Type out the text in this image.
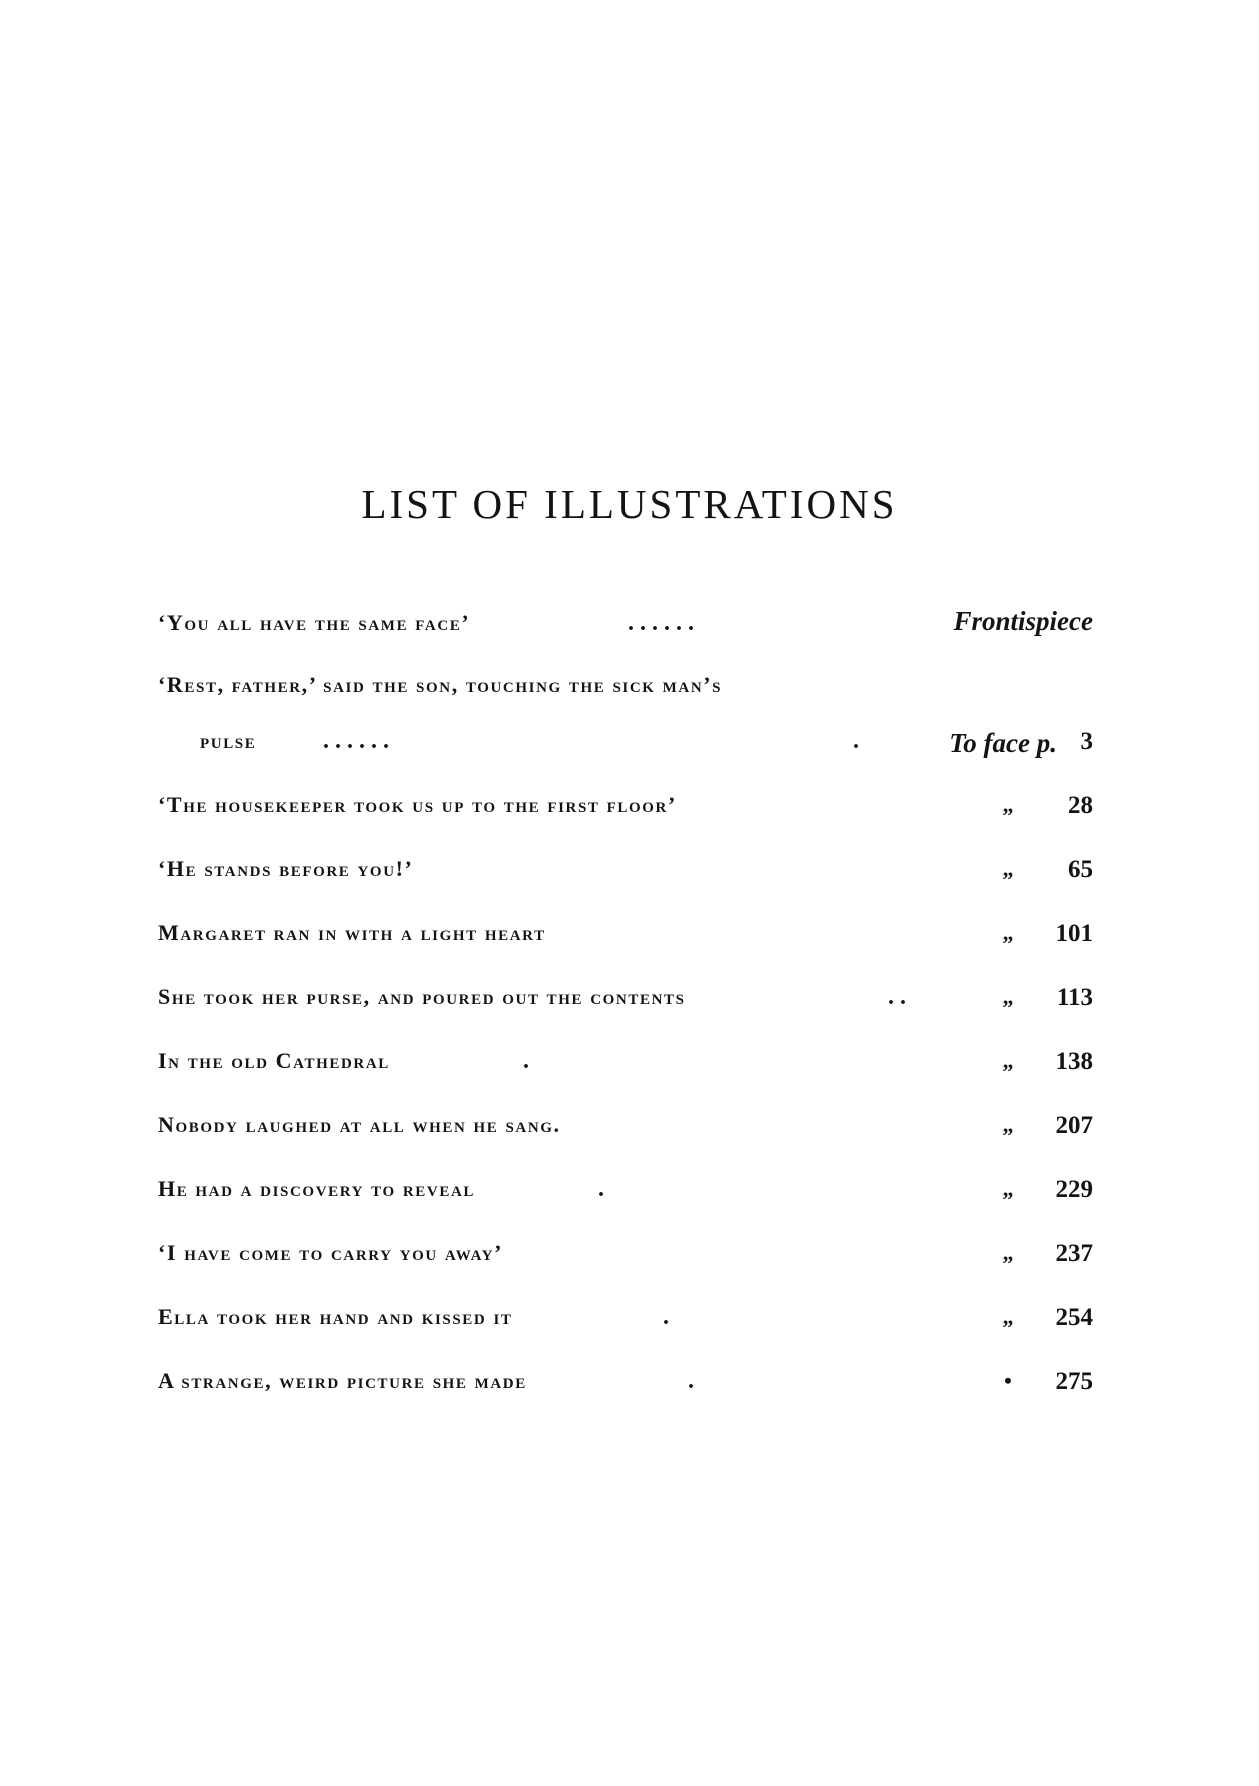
LIST OF ILLUSTRATIONS
‘You all have the same face’	. . . . . .	Frontispiece
‘Rest, father,’ said the son, touching the sick man’s
pulse	. . . . . .	.	To face p. 3
‘The housekeeper took us up to the first floor’	„	28
‘He stands before you!’	„	65
Margaret ran in with a light heart	„	101
She took her purse, and poured out the contents	. .	„	113
In the old Cathedral	.	„	138
Nobody laughed at all when he sang.	„	207
He had a discovery to reveal	.	„	229
‘I have come to carry you away’	„	237
Ella took her hand and kissed it	.	„	254
A strange, weird picture she made	.	•	275
